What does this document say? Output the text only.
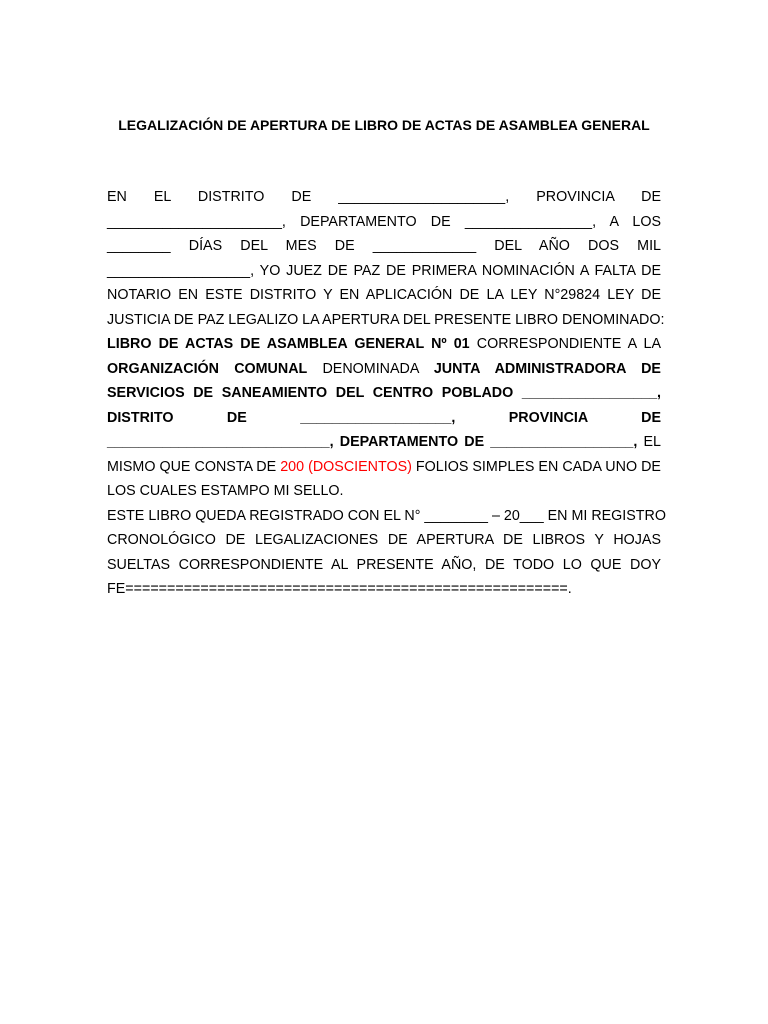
LEGALIZACIÓN DE APERTURA DE LIBRO DE ACTAS DE ASAMBLEA GENERAL
EN EL DISTRITO DE _____________________, PROVINCIA DE
______________________, DEPARTAMENTO DE ________________, A LOS
________ DÍAS DEL MES DE _____________ DEL AÑO DOS MIL
__________________, YO JUEZ DE PAZ DE PRIMERA NOMINACIÓN A FALTA DE
NOTARIO EN ESTE DISTRITO Y EN APLICACIÓN DE LA LEY N°29824 LEY DE
JUSTICIA DE PAZ LEGALIZO LA APERTURA DEL PRESENTE LIBRO DENOMINADO:
LIBRO DE ACTAS DE ASAMBLEA GENERAL Nº 01 CORRESPONDIENTE A LA
ORGANIZACIÓN COMUNAL DENOMINADA JUNTA ADMINISTRADORA DE
SERVICIOS DE SANEAMIENTO DEL CENTRO POBLADO _________________,
DISTRITO DE ___________________, PROVINCIA DE
____________________________, DEPARTAMENTO DE __________________, EL
MISMO QUE CONSTA DE 200 (DOSCIENTOS) FOLIOS SIMPLES EN CADA UNO DE
LOS CUALES ESTAMPO MI SELLO.
ESTE LIBRO QUEDA REGISTRADO CON EL N° ________ – 20___ EN MI REGISTRO
CRONOLÓGICO DE LEGALIZACIONES DE APERTURA DE LIBROS Y HOJAS
SUELTAS CORRESPONDIENTE AL PRESENTE AÑO, DE TODO LO QUE DOY
FE=====================================================.
